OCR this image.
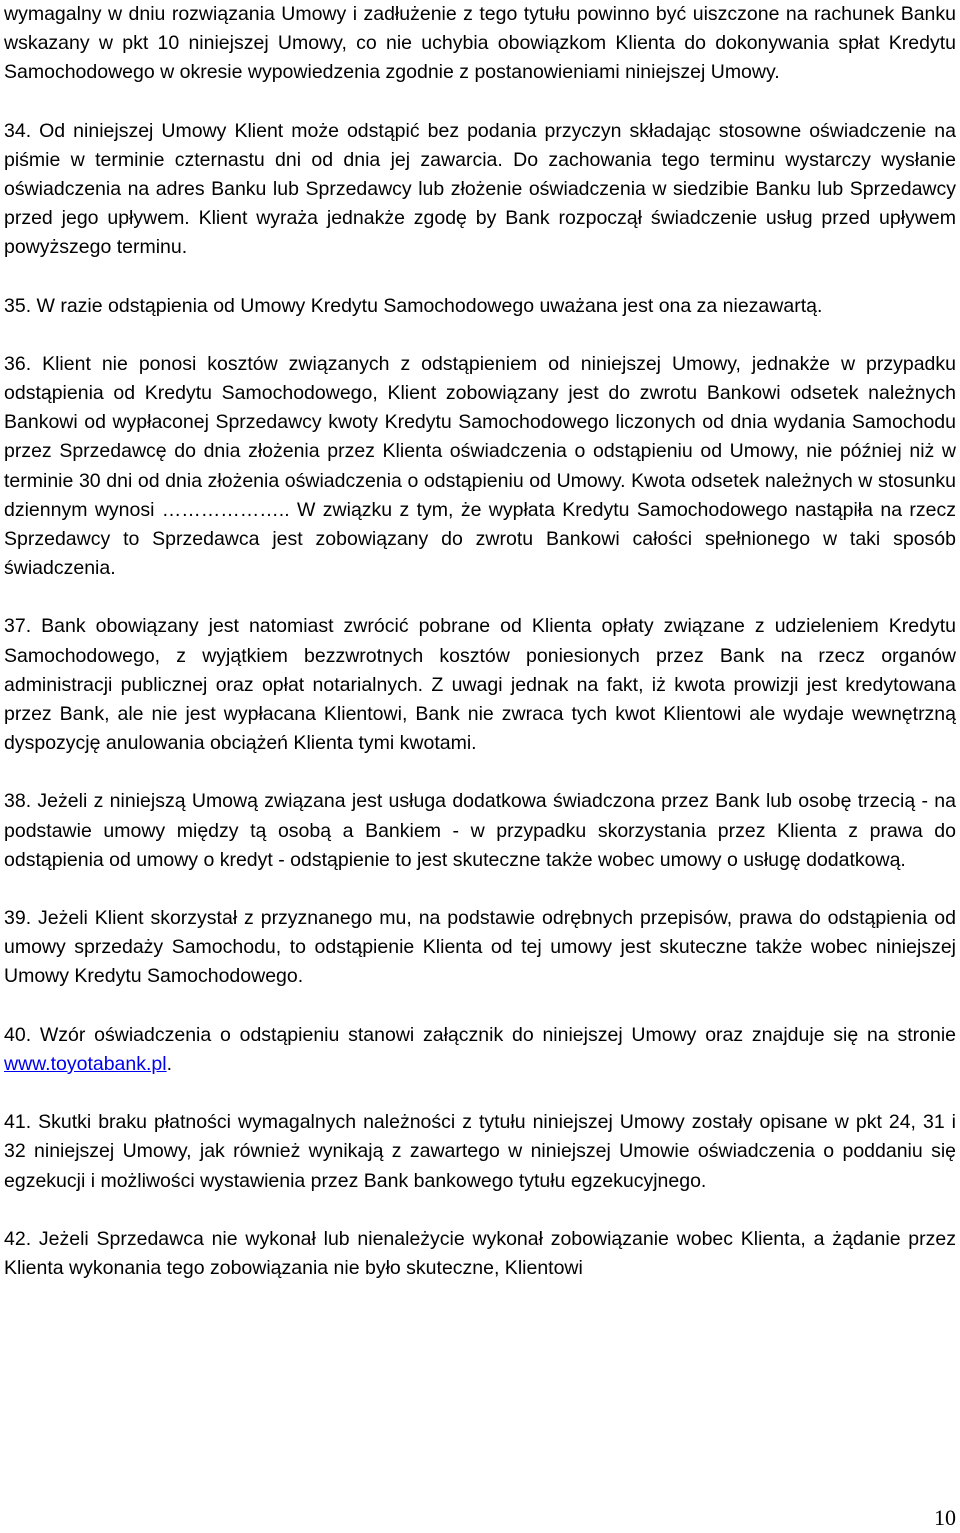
wymagalny w dniu rozwiązania Umowy i zadłużenie z tego tytułu powinno być uiszczone na rachunek Banku wskazany w pkt 10 niniejszej Umowy, co nie uchybia obowiązkom Klienta do dokonywania spłat Kredytu Samochodowego w okresie wypowiedzenia zgodnie z postanowieniami niniejszej Umowy.

34. Od niniejszej Umowy Klient może odstąpić bez podania przyczyn składając stosowne oświadczenie na piśmie w terminie czternastu dni od dnia jej zawarcia. Do zachowania tego terminu wystarczy wysłanie oświadczenia na adres Banku lub Sprzedawcy lub złożenie oświadczenia w siedzibie Banku lub Sprzedawcy przed jego upływem. Klient wyraża jednakże zgodę by Bank rozpoczął świadczenie usług przed upływem powyższego terminu.

35. W razie odstąpienia od Umowy Kredytu Samochodowego uważana jest ona za niezawartą.

36. Klient nie ponosi kosztów związanych z odstąpieniem od niniejszej Umowy, jednakże w przypadku odstąpienia od Kredytu Samochodowego, Klient zobowiązany jest do zwrotu Bankowi odsetek należnych Bankowi od wypłaconej Sprzedawcy kwoty Kredytu Samochodowego liczonych od dnia wydania Samochodu przez Sprzedawcę do dnia złożenia przez Klienta oświadczenia o odstąpieniu od Umowy, nie później niż w terminie 30 dni od dnia złożenia oświadczenia o odstąpieniu od Umowy. Kwota odsetek należnych w stosunku dziennym wynosi ……………….. W związku z tym, że wypłata Kredytu Samochodowego nastąpiła na rzecz Sprzedawcy to Sprzedawca jest zobowiązany do zwrotu Bankowi całości spełnionego w taki sposób świadczenia.

37. Bank obowiązany jest natomiast zwrócić pobrane od Klienta opłaty związane z udzieleniem Kredytu Samochodowego, z wyjątkiem bezzwrotnych kosztów poniesionych przez Bank na rzecz organów administracji publicznej oraz opłat notarialnych. Z uwagi jednak na fakt, iż kwota prowizji jest kredytowana przez Bank, ale nie jest wypłacana Klientowi, Bank nie zwraca tych kwot Klientowi ale wydaje wewnętrzną dyspozycję anulowania obciążeń Klienta tymi kwotami.

38. Jeżeli z niniejszą Umową związana jest usługa dodatkowa świadczona przez Bank lub osobę trzecią - na podstawie umowy między tą osobą a Bankiem - w przypadku skorzystania przez Klienta z prawa do odstąpienia od umowy o kredyt - odstąpienie to jest skuteczne także wobec umowy o usługę dodatkową.

39. Jeżeli Klient skorzystał z przyznanego mu, na podstawie odrębnych przepisów, prawa do odstąpienia od umowy sprzedaży Samochodu, to odstąpienie Klienta od tej umowy jest skuteczne także wobec niniejszej Umowy Kredytu Samochodowego.

40. Wzór oświadczenia o odstąpieniu stanowi załącznik do niniejszej Umowy oraz znajduje się na stronie www.toyotabank.pl.

41. Skutki braku płatności wymagalnych należności z tytułu niniejszej Umowy zostały opisane w pkt 24, 31 i 32 niniejszej Umowy, jak również wynikają z zawartego w niniejszej Umowie oświadczenia o poddaniu się egzekucji i możliwości wystawienia przez Bank bankowego tytułu egzekucyjnego.

42. Jeżeli Sprzedawca nie wykonał lub nienależycie wykonał zobowiązanie wobec Klienta, a żądanie przez Klienta wykonania tego zobowiązania nie było skuteczne, Klientowi

10
